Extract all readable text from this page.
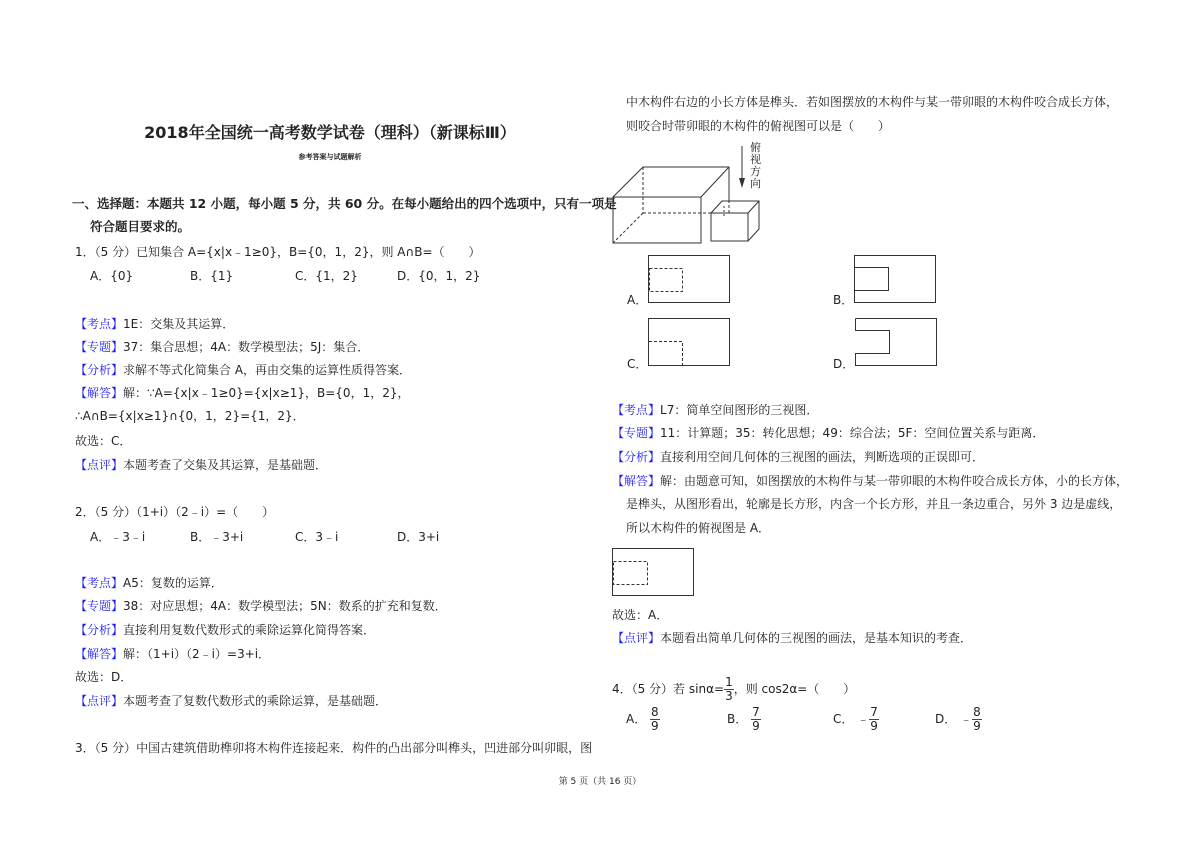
2018年全国统一高考数学试卷（理科）（新课标Ⅲ）
参考答案与试题解析
一、选择题：本题共 12 小题，每小题 5 分，共 60 分。在每小题给出的四个选项中，只有一项是
符合题目要求的。
1．（5 分）已知集合 A={x|x﹣1≥0}，B={0，1，2}，则 A∩B=（　　）
A．{0}	B．{1}	C．{1，2}	D．{0，1，2}
【考点】1E：交集及其运算．
【专题】37：集合思想；4A：数学模型法；5J：集合．
【分析】求解不等式化简集合 A，再由交集的运算性质得答案．
【解答】解：∵A={x|x﹣1≥0}={x|x≥1}，B={0，1，2}，
∴A∩B={x|x≥1}∩{0，1，2}={1，2}．
故选：C．
【点评】本题考查了交集及其运算，是基础题．
2．（5 分）（1+i）（2﹣i）=（　　）
A．﹣3﹣i	B．﹣3+i	C．3﹣i	D．3+i
【考点】A5：复数的运算．
【专题】38：对应思想；4A：数学模型法；5N：数系的扩充和复数．
【分析】直接利用复数代数形式的乘除运算化简得答案．
【解答】解：（1+i）（2﹣i）=3+i．
故选：D．
【点评】本题考查了复数代数形式的乘除运算，是基础题．
3．（5 分）中国古建筑借助榫卯将木构件连接起来．构件的凸出部分叫榫头，凹进部分叫卯眼，图
中木构件右边的小长方体是榫头．若如图摆放的木构件与某一带卯眼的木构件咬合成长方体，
则咬合时带卯眼的木构件的俯视图可以是（　　）
俯
视
方
向
A．	B．
C．	D．
【考点】L7：简单空间图形的三视图．
【专题】11：计算题；35：转化思想；49：综合法；5F：空间位置关系与距离．
【分析】直接利用空间几何体的三视图的画法，判断选项的正误即可．
【解答】解：由题意可知，如图摆放的木构件与某一带卯眼的木构件咬合成长方体，小的长方体，
是榫头，从图形看出，轮廓是长方形，内含一个长方形，并且一条边重合，另外 3 边是虚线，
所以木构件的俯视图是 A．
故选：A．
【点评】本题看出简单几何体的三视图的画法，是基本知识的考查．
4．（5 分）若 $\sin\alpha= \frac{1}{3}$ ，则 cos2α=（　　）
A． $\frac{8}{9}$	B． $\frac{7}{9}$	C． ﹣ $\frac{7}{9}$	D． ﹣ $\frac{8}{9}$
第 5 页（共 16 页）
